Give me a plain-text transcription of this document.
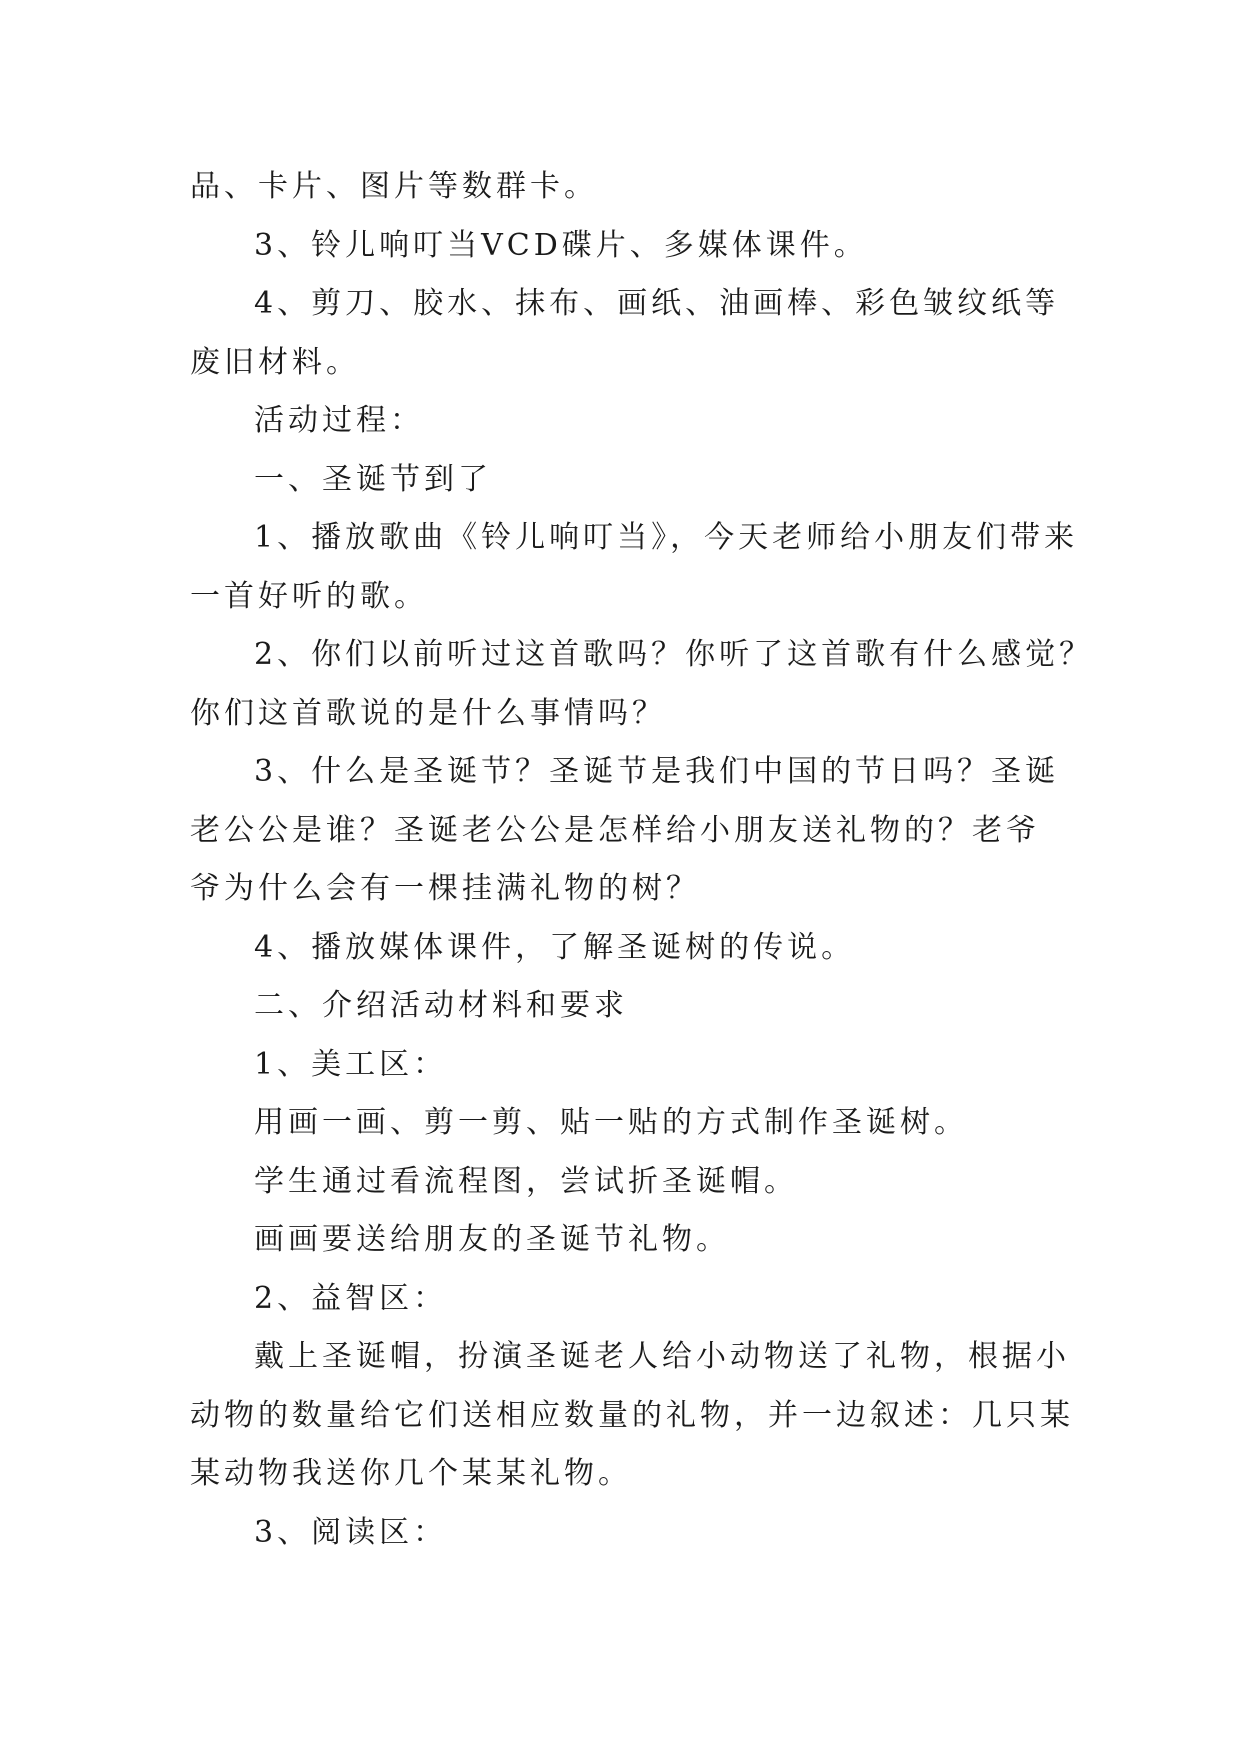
品、卡片、图片等数群卡。
3、铃儿响叮当VCD碟片、多媒体课件。
4、剪刀、胶水、抹布、画纸、油画棒、彩色皱纹纸等
废旧材料。
活动过程：
一、圣诞节到了
1、播放歌曲《铃儿响叮当》，今天老师给小朋友们带来
一首好听的歌。
2、你们以前听过这首歌吗？你听了这首歌有什么感觉？
你们这首歌说的是什么事情吗？
3、什么是圣诞节？圣诞节是我们中国的节日吗？圣诞
老公公是谁？圣诞老公公是怎样给小朋友送礼物的？老爷
爷为什么会有一棵挂满礼物的树？
4、播放媒体课件，了解圣诞树的传说。
二、介绍活动材料和要求
1、美工区：
用画一画、剪一剪、贴一贴的方式制作圣诞树。
学生通过看流程图，尝试折圣诞帽。
画画要送给朋友的圣诞节礼物。
2、益智区：
戴上圣诞帽，扮演圣诞老人给小动物送了礼物，根据小
动物的数量给它们送相应数量的礼物，并一边叙述：几只某
某动物我送你几个某某礼物。
3、阅读区：
